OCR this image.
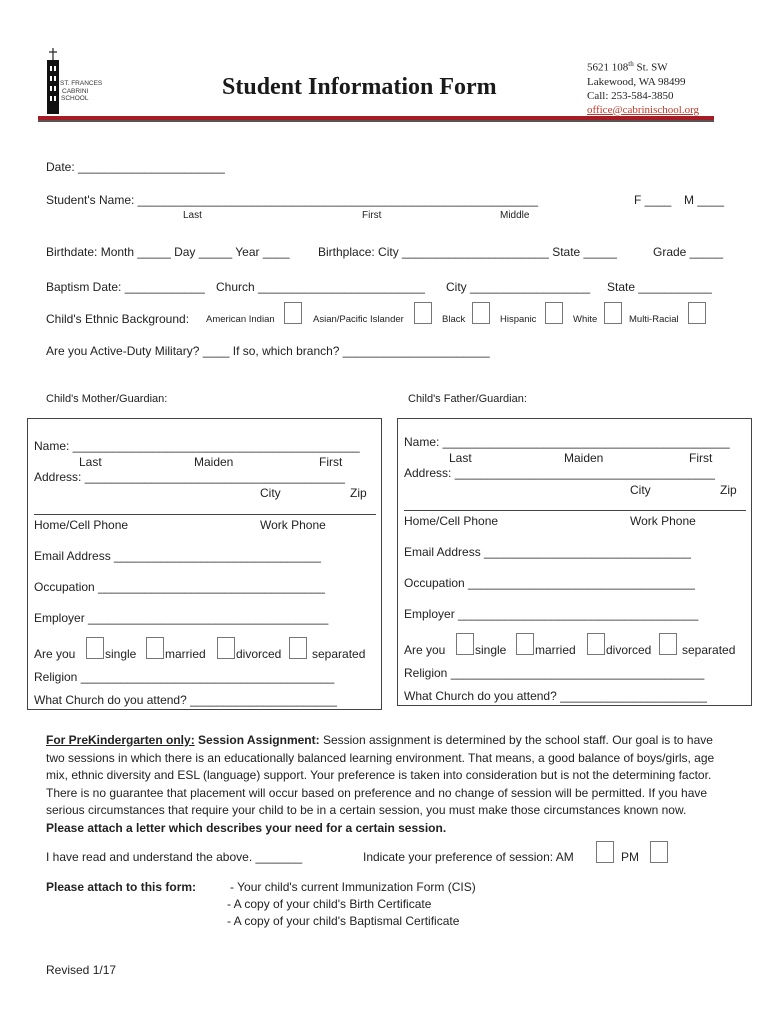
ST. FRANCES
CABRINI
SCHOOL	Student Information Form
5621 108th St. SW
Lakewood, WA 98499
Call: 253-584-3850
office@cabrinischool.org
Date: ______________________
Student's Name: ____________________________________________________________	F ____ M ____
Last	First	Middle
Birthdate: Month _____ Day _____ Year ____ Birthplace: City ______________________ State _____	Grade _____
Baptism Date: ____________ Church _________________________ City __________________ State ___________
Child's Ethnic Background: American Indian	Asian/Pacific Islander	Black	Hispanic	White	Multi-Racial
Are you Active-Duty Military? ____ If so, which branch? ______________________
Child's Mother/Guardian:	Child's Father/Guardian:
Name: ___________________________________________
Last	Maiden	First
Address: _______________________________________
City	Zip
Home/Cell Phone	Work Phone
Email Address _______________________________
Occupation __________________________________
Employer ____________________________________
Are you single married	divorced	separated
Religion ______________________________________
What Church do you attend? ______________________
Name: ___________________________________________
Last	Maiden	First
Address: _______________________________________
City	Zip
Home/Cell Phone	Work Phone
Email Address _______________________________
Occupation __________________________________
Employer ____________________________________
Are you single married	divorced	separated
Religion ______________________________________
What Church do you attend? ______________________
For PreKindergarten only: Session Assignment: Session assignment is determined by the school staff. Our goal is to have two sessions in which there is an educationally balanced learning environment. That means, a good balance of boys/girls, age mix, ethnic diversity and ESL (language) support. Your preference is taken into consideration but is not the determining factor. There is no guarantee that placement will occur based on preference and no change of session will be permitted. If you have serious circumstances that require your child to be in a certain session, you must make those circumstances known now. Please attach a letter which describes your need for a certain session.
I have read and understand the above. _______	Indicate your preference of session: AM	PM
Please attach to this form:	- Your child's current Immunization Form (CIS)
- A copy of your child's Birth Certificate
- A copy of your child's Baptismal Certificate
Revised 1/17
